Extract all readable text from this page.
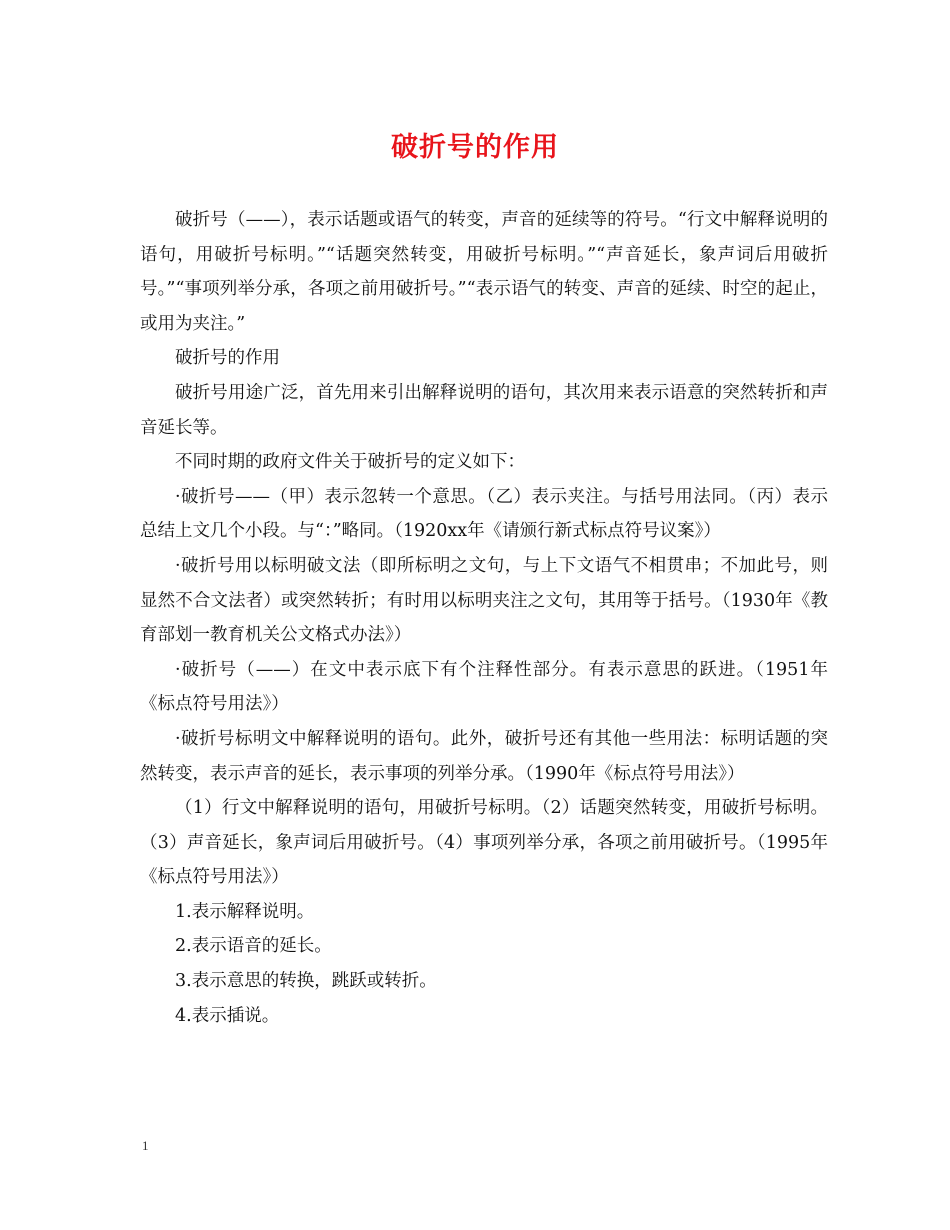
破折号的作用

破折号（——），表示话题或语气的转变，声音的延续等的符号。“行文中解释说明的语句，用破折号标明。”“话题突然转变，用破折号标明。”“声音延长，象声词后用破折号。”“事项列举分承，各项之前用破折号。”“表示语气的转变、声音的延续、时空的起止，或用为夹注。”

破折号的作用

破折号用途广泛，首先用来引出解释说明的语句，其次用来表示语意的突然转折和声音延长等。

不同时期的政府文件关于破折号的定义如下：

·破折号——（甲）表示忽转一个意思。（乙）表示夹注。与括号用法同。（丙）表示总结上文几个小段。与“：”略同。（1920xx年《请颁行新式标点符号议案》）

·破折号用以标明破文法（即所标明之文句，与上下文语气不相贯串；不加此号，则显然不合文法者）或突然转折；有时用以标明夹注之文句，其用等于括号。（1930年《教育部划一教育机关公文格式办法》）

·破折号（——）在文中表示底下有个注释性部分。有表示意思的跃进。（1951年《标点符号用法》）

·破折号标明文中解释说明的语句。此外，破折号还有其他一些用法：标明话题的突然转变，表示声音的延长，表示事项的列举分承。（1990年《标点符号用法》）

（1）行文中解释说明的语句，用破折号标明。（2）话题突然转变，用破折号标明。（3）声音延长，象声词后用破折号。（4）事项列举分承，各项之前用破折号。（1995年《标点符号用法》）

1.表示解释说明。

2.表示语音的延长。

3.表示意思的转换，跳跃或转折。

4.表示插说。

1
